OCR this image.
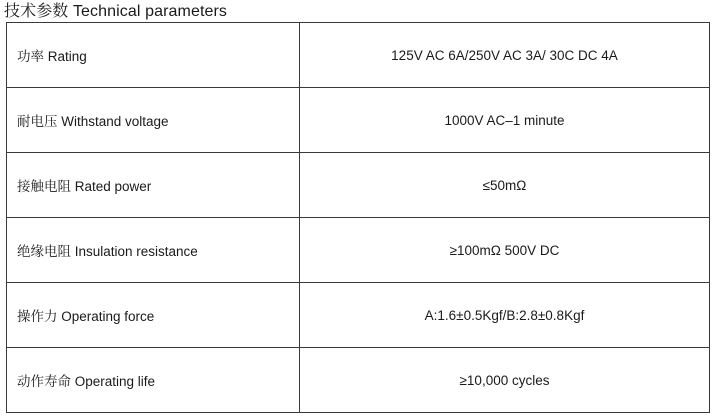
技术参数 Technical parameters
功率 Rating	125V AC 6A/250V AC 3A/ 30C DC 4A
耐电压 Withstand voltage	1000V AC–1 minute
接触电阻 Rated power	≤50mΩ
绝缘电阻 Insulation resistance	≥100mΩ 500V DC
操作力 Operating force	A:1.6±0.5Kgf/B:2.8±0.8Kgf
动作寿命 Operating life	≥10,000 cycles
